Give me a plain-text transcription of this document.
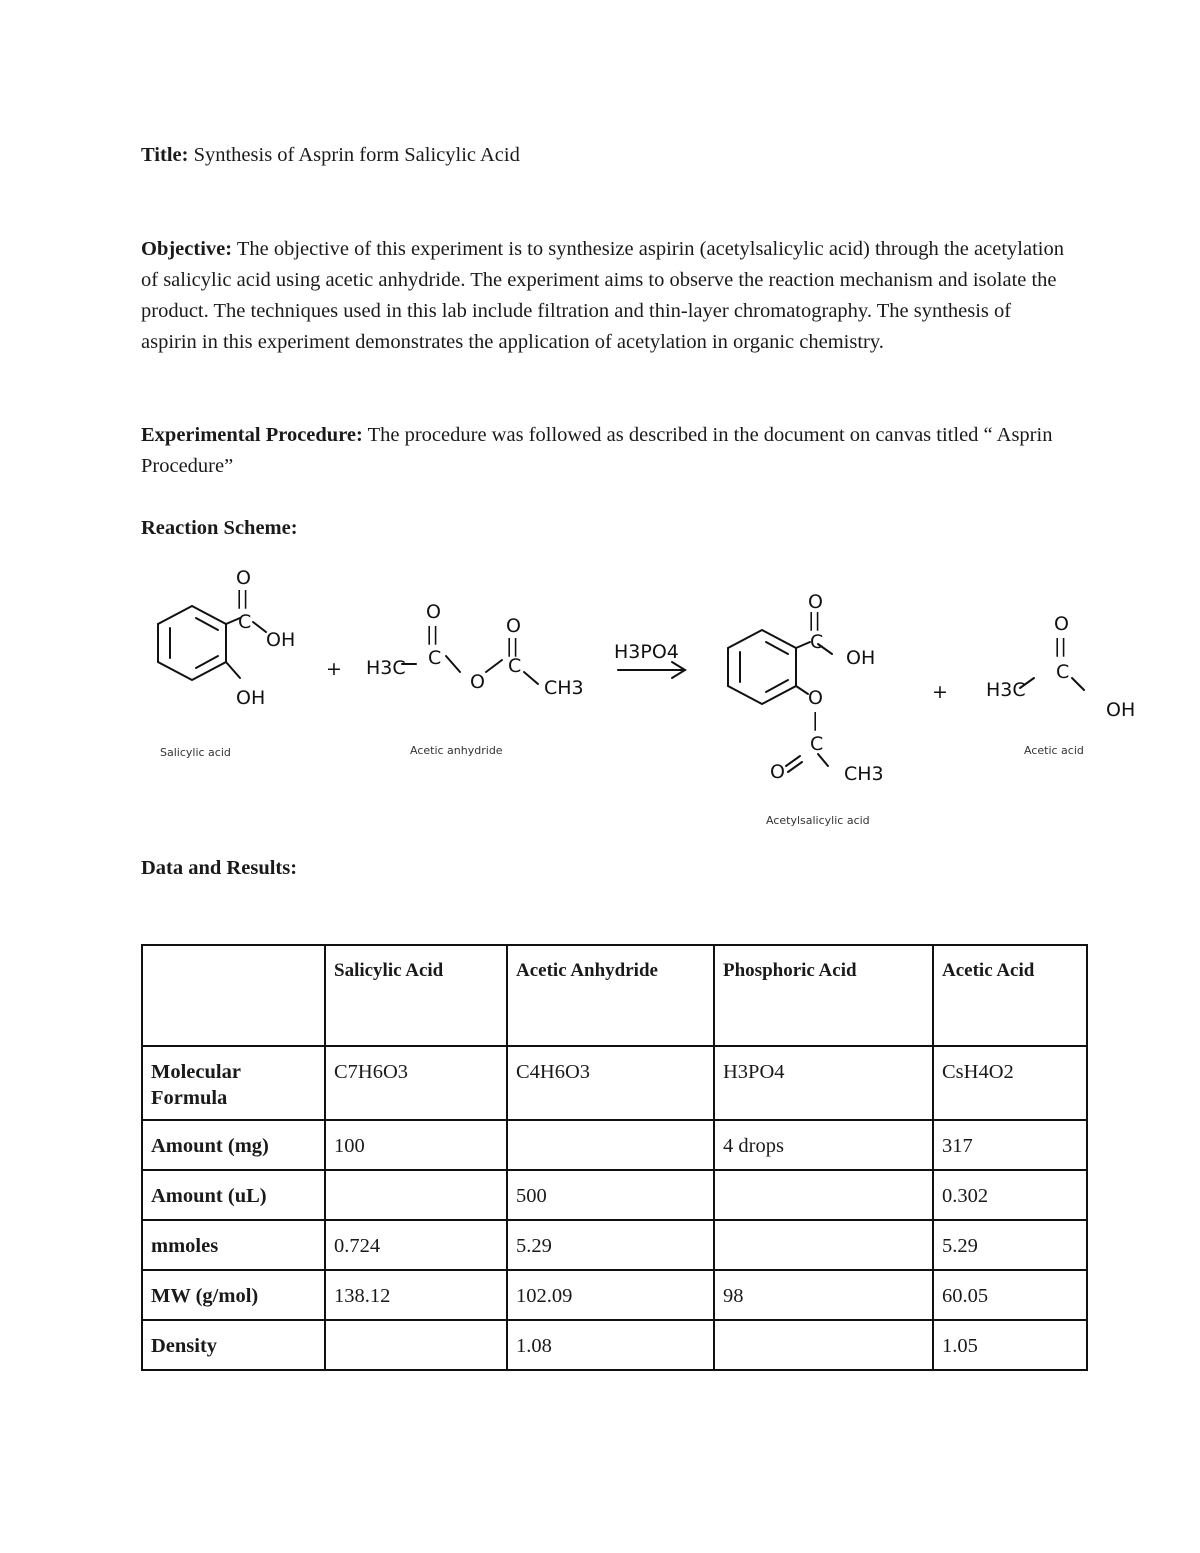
Title: Synthesis of Asprin form Salicylic Acid

Objective: The objective of this experiment is to synthesize aspirin (acetylsalicylic acid) through the acetylation of salicylic acid using acetic anhydride. The experiment aims to observe the reaction mechanism and isolate the product. The techniques used in this lab include filtration and thin-layer chromatography. The synthesis of aspirin in this experiment demonstrates the application of acetylation in organic chemistry.

Experimental Procedure: The procedure was followed as described in the document on canvas titled “ Asprin Procedure”

Reaction Scheme:

O
||
C
OH
OH
Salicylic acid
+ H3C
O
||
C
O
O
||
C
CH3
Acetic anhydride
H3PO4
O
||
C
OH
O
|
C
O	CH3
Acetylsalicylic acid
+ H3C
O
||
C
OH
Acetic acid

Data and Results:

	Salicylic Acid	Acetic Anhydride	Phosphoric Acid	Acetic Acid
Molecular Formula	C7H6O3	C4H6O3	H3PO4	CsH4O2
Amount (mg)	100		4 drops	317
Amount (uL)		500		0.302
mmoles	0.724	5.29		5.29
MW (g/mol)	138.12	102.09	98	60.05
Density		1.08		1.05
